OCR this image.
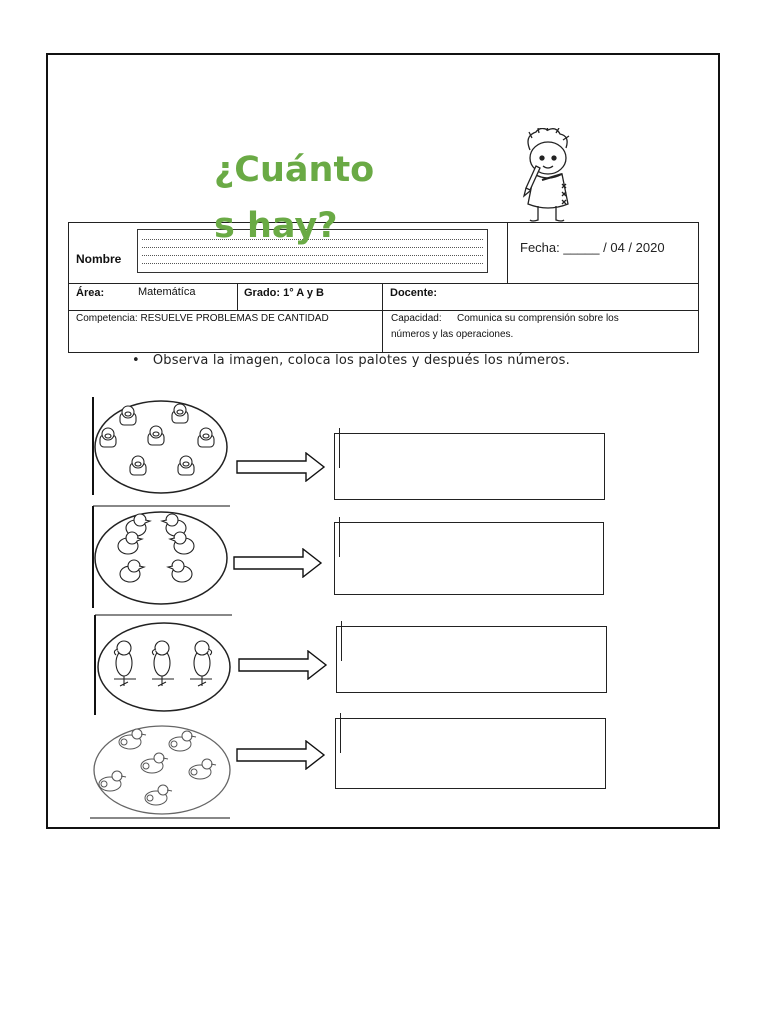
¿Cuántos hay?
Nombre
Fecha: _____ / 04 / 2020
Área:	Matemátíca	Grado: 1° A y B	Docente:
Competencia: RESUELVE PROBLEMAS DE CANTIDAD	Capacidad: Comunica su comprensión sobre los
números y las operaciones.
•   Observa la imagen, coloca los palotes y después los números.
